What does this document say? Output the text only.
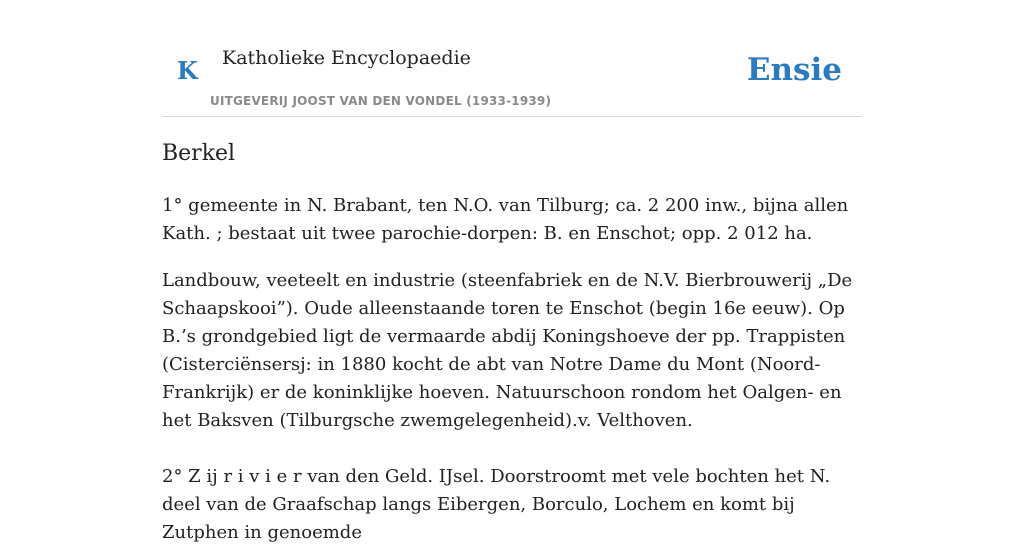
K Katholieke Encyclopaedie
UITGEVERIJ JOOST VAN DEN VONDEL (1933-1939)
Ensie
Berkel

1° gemeente in N. Brabant, ten N.O. van Tilburg; ca. 2 200 inw., bijna allen Kath. ; bestaat uit twee parochie-dorpen: B. en Enschot; opp. 2 012 ha.

Landbouw, veeteelt en industrie (steenfabriek en de N.V. Bierbrouwerij „De Schaapskooi”). Oude alleenstaande toren te Enschot (begin 16e eeuw). Op B.’s grondgebied ligt de vermaarde abdij Koningshoeve der pp. Trappisten (Cisterciënsersj: in 1880 kocht de abt van Notre Dame du Mont (Noord-Frankrijk) er de koninklijke hoeven. Natuurschoon rondom het Oalgen- en het Baksven (Tilburgsche zwemgelegenheid).v. Velthoven.

2° Z ij r i v i e r van den Geld. IJsel. Doorstroomt met vele bochten het N. deel van de Graafschap langs Eibergen, Borculo, Lochem en komt bij Zutphen in genoemde
